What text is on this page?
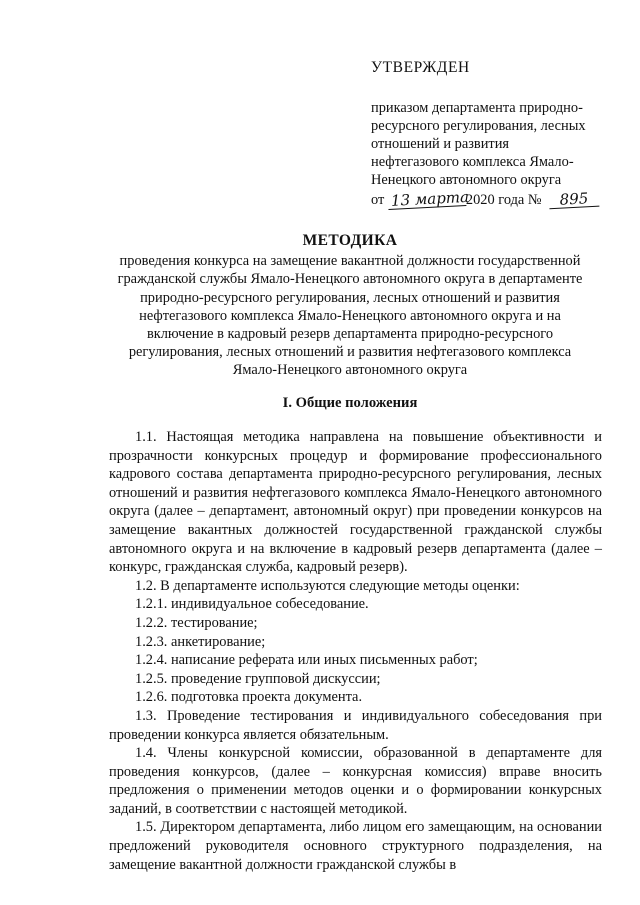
УТВЕРЖДЕН
приказом департамента природно-
ресурсного регулирования, лесных
отношений и развития
нефтегазового комплекса Ямало-
Ненецкого автономного округа
от 13 марта2020 года № 895
МЕТОДИКА
проведения конкурса на замещение вакантной должности государственной
гражданской службы Ямало-Ненецкого автономного округа в департаменте
природно-ресурсного регулирования, лесных отношений и развития
нефтегазового комплекса Ямало-Ненецкого автономного округа и на
включение в кадровый резерв департамента природно-ресурсного
регулирования, лесных отношений и развития нефтегазового комплекса
Ямало-Ненецкого автономного округа
I. Общие положения

1.1. Настоящая методика направлена на повышение объективности и прозрачности конкурсных процедур и формирование профессионального кадрового состава департамента природно-ресурсного регулирования, лесных отношений и развития нефтегазового комплекса Ямало-Ненецкого автономного округа (далее – департамент, автономный округ) при проведении конкурсов на замещение вакантных должностей государственной гражданской службы автономного округа и на включение в кадровый резерв департамента (далее – конкурс, гражданская служба, кадровый резерв).

1.2. В департаменте используются следующие методы оценки:

1.2.1. индивидуальное собеседование.

1.2.2. тестирование;

1.2.3. анкетирование;

1.2.4. написание реферата или иных письменных работ;

1.2.5. проведение групповой дискуссии;

1.2.6. подготовка проекта документа.

1.3. Проведение тестирования и индивидуального собеседования при проведении конкурса является обязательным.

1.4. Члены конкурсной комиссии, образованной в департаменте для проведения конкурсов, (далее – конкурсная комиссия) вправе вносить предложения о применении методов оценки и о формировании конкурсных заданий, в соответствии с настоящей методикой.

1.5. Директором департамента, либо лицом его замещающим, на основании предложений руководителя основного структурного подразделения, на замещение вакантной должности гражданской службы в
